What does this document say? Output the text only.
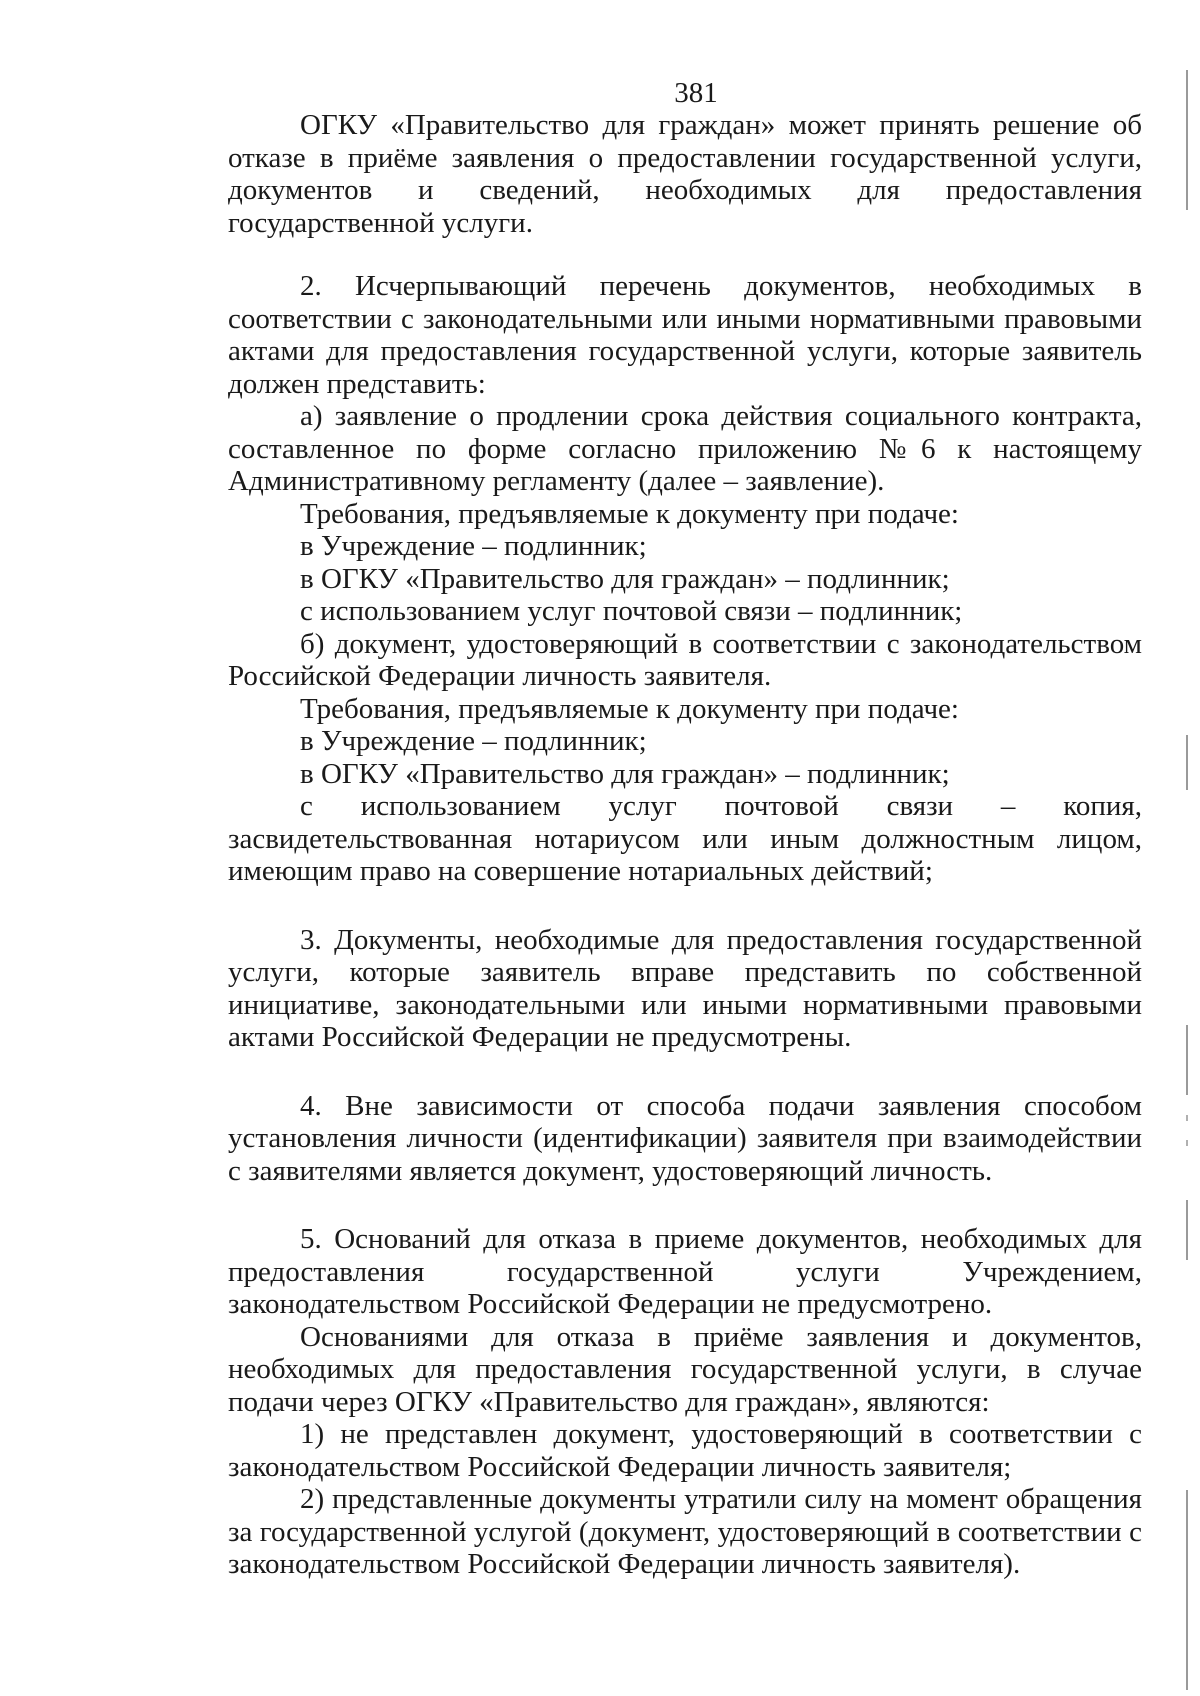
381

ОГКУ «Правительство для граждан» может принять решение об отказе в приёме заявления о предоставлении государственной услуги, документов и сведений, необходимых для предоставления государственной услуги.

2. Исчерпывающий перечень документов, необходимых в соответствии с законодательными или иными нормативными правовыми актами для предоставления государственной услуги, которые заявитель должен представить:

а) заявление о продлении срока действия социального контракта, составленное по форме согласно приложению №6 к настоящему Административному регламенту (далее – заявление).

Требования, предъявляемые к документу при подаче:

в Учреждение – подлинник;

в ОГКУ «Правительство для граждан» – подлинник;

с использованием услуг почтовой связи – подлинник;

б) документ, удостоверяющий в соответствии с законодательством Российской Федерации личность заявителя.

Требования, предъявляемые к документу при подаче:

в Учреждение – подлинник;

в ОГКУ «Правительство для граждан» – подлинник;

с использованием услуг почтовой связи – копия, засвидетельствованная нотариусом или иным должностным лицом, имеющим право на совершение нотариальных действий;

3. Документы, необходимые для предоставления государственной услуги, которые заявитель вправе представить по собственной инициативе, законодательными или иными нормативными правовыми актами Российской Федерации не предусмотрены.

4. Вне зависимости от способа подачи заявления способом установления личности (идентификации) заявителя при взаимодействии с заявителями является документ, удостоверяющий личность.

5. Оснований для отказа в приеме документов, необходимых для предоставления государственной услуги Учреждением, законодательством Российской Федерации не предусмотрено.

Основаниями для отказа в приёме заявления и документов, необходимых для предоставления государственной услуги, в случае подачи через ОГКУ «Правительство для граждан», являются:

1) не представлен документ, удостоверяющий в соответствии с законодательством Российской Федерации личность заявителя;

2) представленные документы утратили силу на момент обращения за государственной услугой (документ, удостоверяющий в соответствии с законодательством Российской Федерации личность заявителя).
